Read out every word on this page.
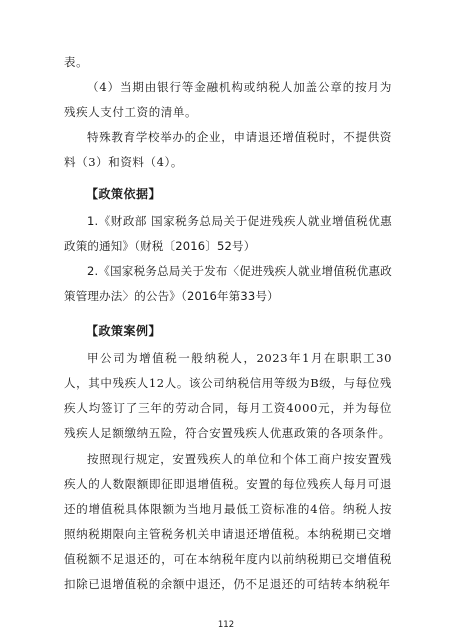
表。

（4）当期由银行等金融机构或纳税人加盖公章的按月为残疾人支付工资的清单。

特殊教育学校举办的企业，申请退还增值税时，不提供资料（3）和资料（4）。

【政策依据】

1.《财政部 国家税务总局关于促进残疾人就业增值税优惠政策的通知》（财税〔2016〕52号）

2.《国家税务总局关于发布〈促进残疾人就业增值税优惠政策管理办法〉的公告》（2016年第33号）

【政策案例】

甲公司为增值税一般纳税人，2023年1月在职职工30人，其中残疾人12人。该公司纳税信用等级为B级，与每位残疾人均签订了三年的劳动合同，每月工资4000元，并为每位残疾人足额缴纳五险，符合安置残疾人优惠政策的各项条件。

按照现行规定，安置残疾人的单位和个体工商户按安置残疾人的人数限额即征即退增值税。安置的每位残疾人每月可退还的增值税具体限额为当地月最低工资标准的4倍。纳税人按照纳税期限向主管税务机关申请退还增值税。本纳税期已交增值税额不足退还的，可在本纳税年度内以前纳税期已交增值税扣除已退增值税的余额中退还，仍不足退还的可结转本纳税年

112
